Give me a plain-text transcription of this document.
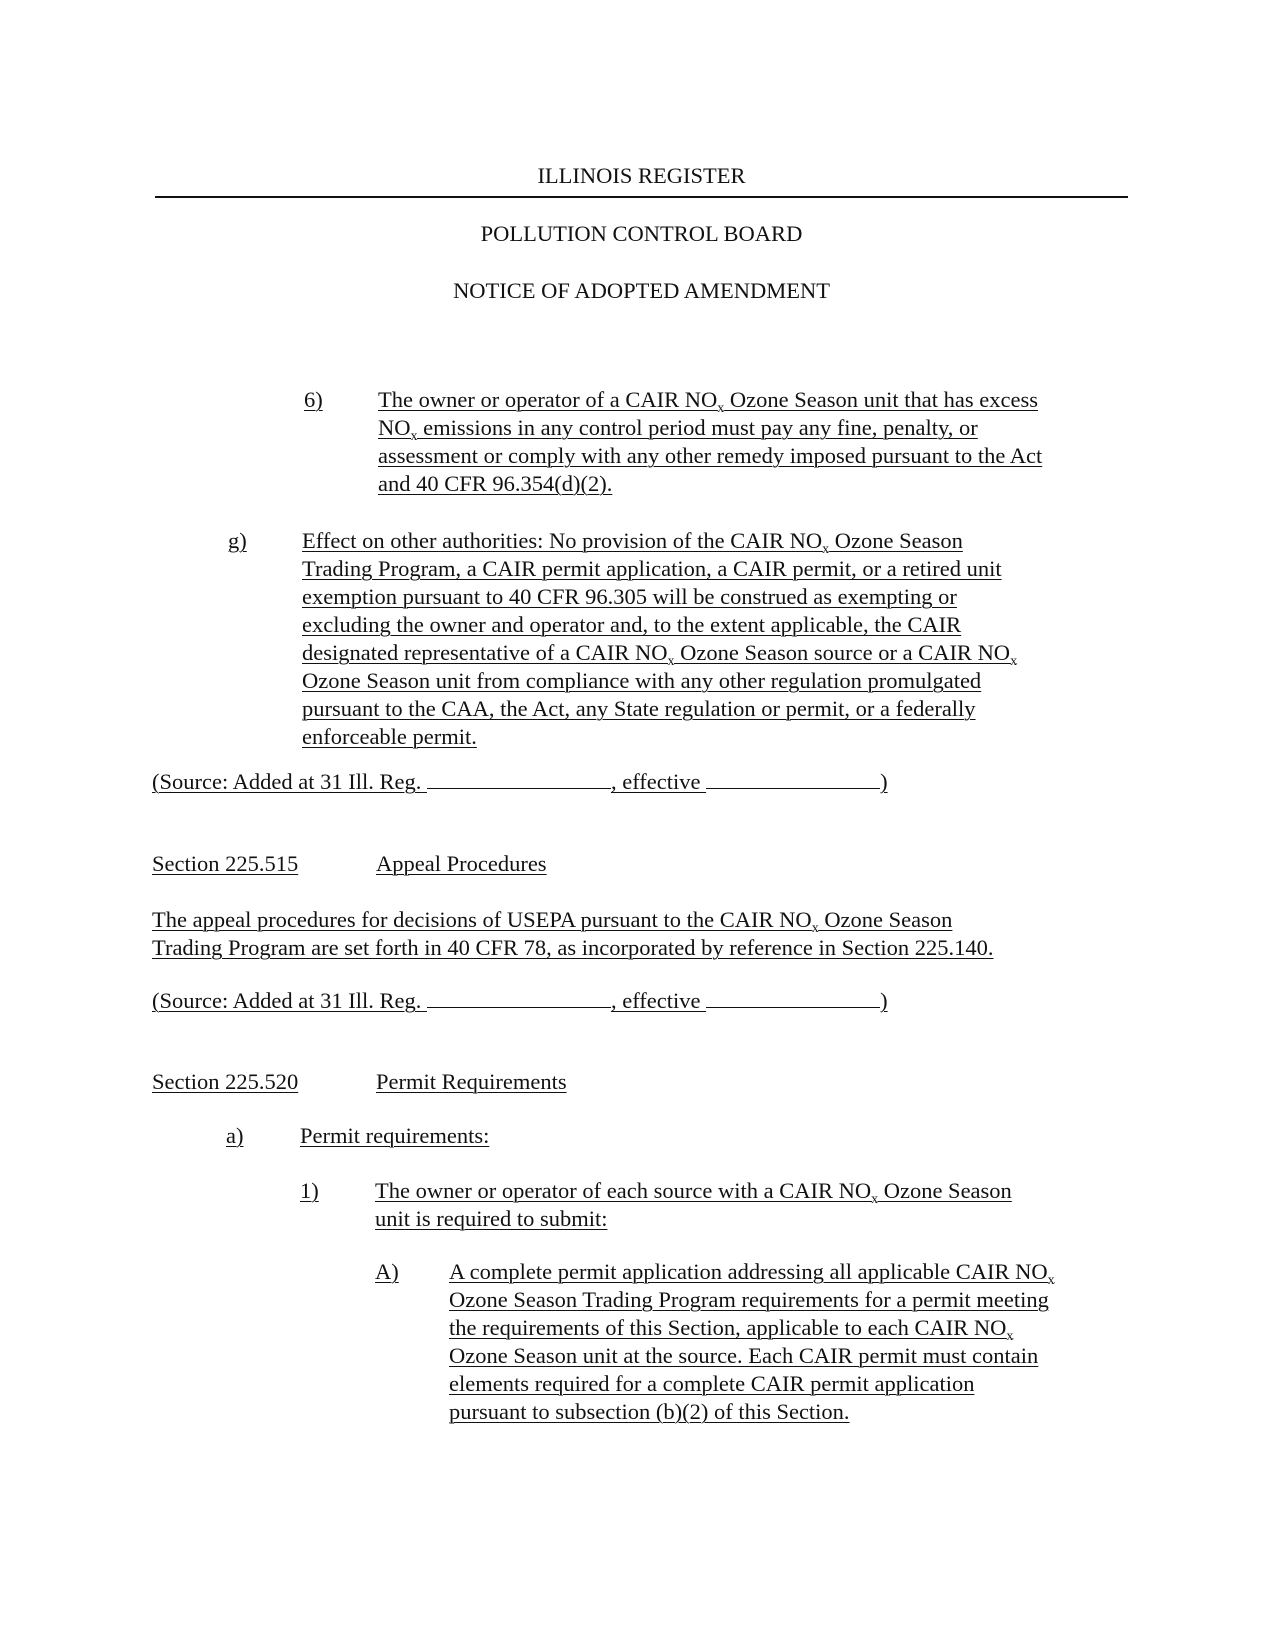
ILLINOIS REGISTER
POLLUTION CONTROL BOARD
NOTICE OF ADOPTED AMENDMENT
6) The owner or operator of a CAIR $NO_x$ Ozone Season unit that has excess
$NO_x$ emissions in any control period must pay any fine, penalty, or
assessment or comply with any other remedy imposed pursuant to the Act
and 40 CFR 96.354(d)(2).
g) Effect on other authorities: No provision of the CAIR $NO_x$ Ozone Season
Trading Program, a CAIR permit application, a CAIR permit, or a retired unit
exemption pursuant to 40 CFR 96.305 will be construed as exempting or
excluding the owner and operator and, to the extent applicable, the CAIR
designated representative of a CAIR $NO_x$ Ozone Season source or a CAIR $NO_x$
Ozone Season unit from compliance with any other regulation promulgated
pursuant to the CAA, the Act, any State regulation or permit, or a federally
enforceable permit.
(Source: Added at 31 Ill. Reg.	, effective	)
Section 225.515	Appeal Procedures
The appeal procedures for decisions of USEPA pursuant to the CAIR $NO_x$ Ozone Season
Trading Program are set forth in 40 CFR 78, as incorporated by reference in Section 225.140.
(Source: Added at 31 Ill. Reg.	, effective	)
Section 225.520	Permit Requirements
a)	Permit requirements:
1)	The owner or operator of each source with a CAIR $NO_x$ Ozone Season
unit is required to submit:
A) A complete permit application addressing all applicable CAIR $NO_x$
Ozone Season Trading Program requirements for a permit meeting
the requirements of this Section, applicable to each CAIR $NO_x$
Ozone Season unit at the source. Each CAIR permit must contain
elements required for a complete CAIR permit application
pursuant to subsection (b)(2) of this Section.
